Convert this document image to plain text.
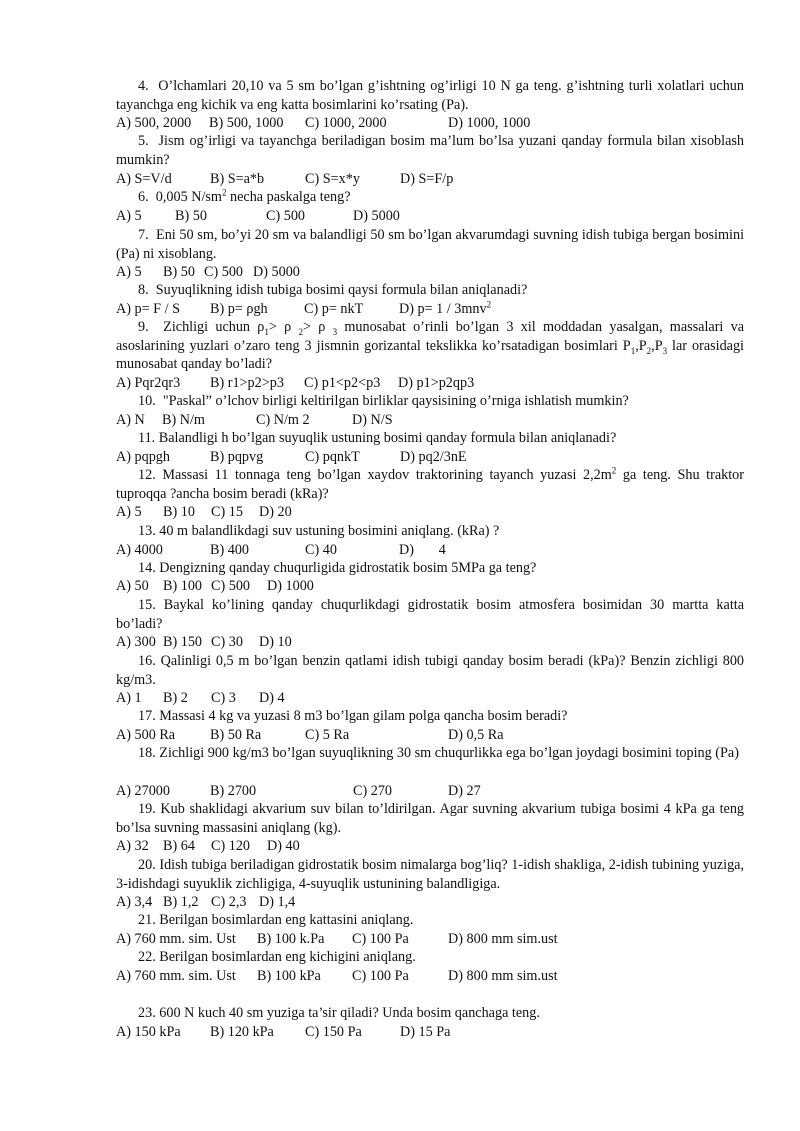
4.  O’lchamlari 20,10 va 5 sm bo’lgan g’ishtning og’irligi 10 N ga teng. g’ishtning turli xolatlari uchun tayanchga eng kichik va eng katta bosimlarini ko’rsating (Pa).
A) 500, 2000 B) 500, 1000 C) 1000, 2000	D) 1000, 1000
5.  Jism og’irligi va tayanchga beriladigan bosim ma’lum bo’lsa yuzani qanday formula bilan xisoblash mumkin?
A) S=V/d	B) S=a*b	C) S=x*y	D) S=F/p
6.  0,005 $N/sm^2$ necha paskalga teng?
A) 5 B) 50	C) 500	D) 5000
7.  Eni 50 sm, bo’yi 20 sm va balandligi 50 sm bo’lgan akvarumdagi suvning idish tubiga bergan bosimini (Pa) ni xisoblang.
A) 5 B) 50 C) 500 D) 5000
8.  Suyuqlikning idish tubiga bosimi qaysi formula bilan aniqlanadi?
A) p= F / S B) p= ρgh	C) p= nkT	D) p= 1 / 3mnv$^2$
9.  Zichligi uchun $\rho_1> \rho$ $_2$> ρ $_3$ munosabat o’rinli bo’lgan 3 xil moddadan yasalgan, massalari va asoslarining yuzlari o’zaro teng 3 jismnin gorizantal tekslikka ko’rsatadigan bosimlari $P_1,P_2,P_3$ lar orasidagi munosabat qanday bo’ladi?
A) Pqr2qr3 B) r1>p2>p3 C) p1<p2<p3 D) p1>p2qp3
10.  "Paskal” o’lchov birligi keltirilgan birliklar qaysisining o’rniga ishlatish mumkin?
A) N B) N/m	C) N/m 2	D) N/S
11. Balandligi h bo’lgan suyuqlik ustuning bosimi qanday formula bilan aniqlanadi?
A) pqpgh	B) pqpvg	C) pqnkT	D) pq2/3nE
12. Massasi 11 tonnaga teng bo’lgan xaydov traktorining tayanch yuzasi $2,2m^2$ ga teng. Shu traktor tuproqqa ?ancha bosim beradi (kRa)?
A) 5 B) 10 C) 15 D) 20
13. 40 m balandlikdagi suv ustuning bosimini aniqlang. (kRa) ?
A) 4000	B) 400	C) 40	D)       4
14. Dengizning qanday chuqurligida gidrostatik bosim 5MPa ga teng?
A) 50 B) 100 C) 500 D) 1000
15. Baykal ko’lining qanday chuqurlikdagi gidrostatik bosim atmosfera bosimidan 30 martta katta bo’ladi?
A) 300 B) 150 C) 30 D) 10
16. Qalinligi 0,5 m bo’lgan benzin qatlami idish tubigi qanday bosim beradi (kPa)? Benzin zichligi 800 kg/m3.
A) 1 B) 2 C) 3 D) 4
17. Massasi 4 kg va yuzasi 8 m3 bo’lgan gilam polga qancha bosim beradi?
A) 500 Ra B) 50 Ra	C) 5 Ra	D) 0,5 Ra
18. Zichligi 900 kg/m3 bo’lgan suyuqlikning 30 sm chuqurlikka ega bo’lgan joydagi bosimini toping (Pa)
A) 27000	B) 2700	C) 270	D) 27
19. Kub shaklidagi akvarium suv bilan to’ldirilgan. Agar suvning akvarium tubiga bosimi 4 kPa ga teng bo’lsa suvning massasini aniqlang (kg).
A) 32 B) 64 C) 120 D) 40
20. Idish tubiga beriladigan gidrostatik bosim nimalarga bog’liq? 1-idish shakliga, 2-idish tubining yuziga, 3-idishdagi suyuklik zichligiga, 4-suyuqlik ustunining balandligiga.
A) 3,4 B) 1,2 C) 2,3 D) 1,4
21. Berilgan bosimlardan eng kattasini aniqlang.
A) 760 mm. sim. Ust B) 100 k.Pa C) 100 Pa	D) 800 mm sim.ust
22. Berilgan bosimlardan eng kichigini aniqlang.
A) 760 mm. sim. Ust B) 100 kPa C) 100 Pa	D) 800 mm sim.ust
23. 600 N kuch 40 sm yuziga ta’sir qiladi? Unda bosim qanchaga teng.
A) 150 kPa B) 120 kPa C) 150 Pa	D) 15 Pa
